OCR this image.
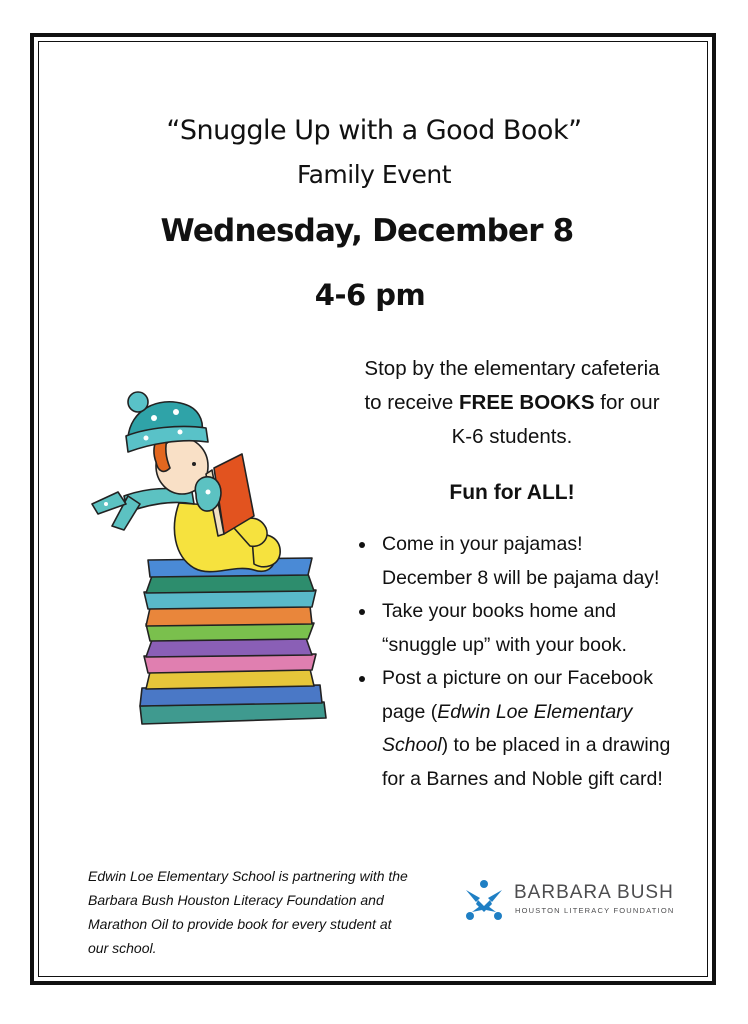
“Snuggle Up with a Good Book”
Family Event
Wednesday, December 8
4-6 pm
Stop by the elementary cafeteria
to receive FREE BOOKS for our
K-6 students.
Fun for ALL!
Come in your pajamas!
December 8 will be pajama day!
Take your books home and
“snuggle up” with your book.
Post a picture on our Facebook
page (Edwin Loe Elementary
School) to be placed in a drawing
for a Barnes and Noble gift card!
Edwin Loe Elementary School is partnering with the
Barbara Bush Houston Literacy Foundation and
Marathon Oil to provide book for every student at
our school.
BARBARA BUSH
HOUSTON LITERACY FOUNDATION
